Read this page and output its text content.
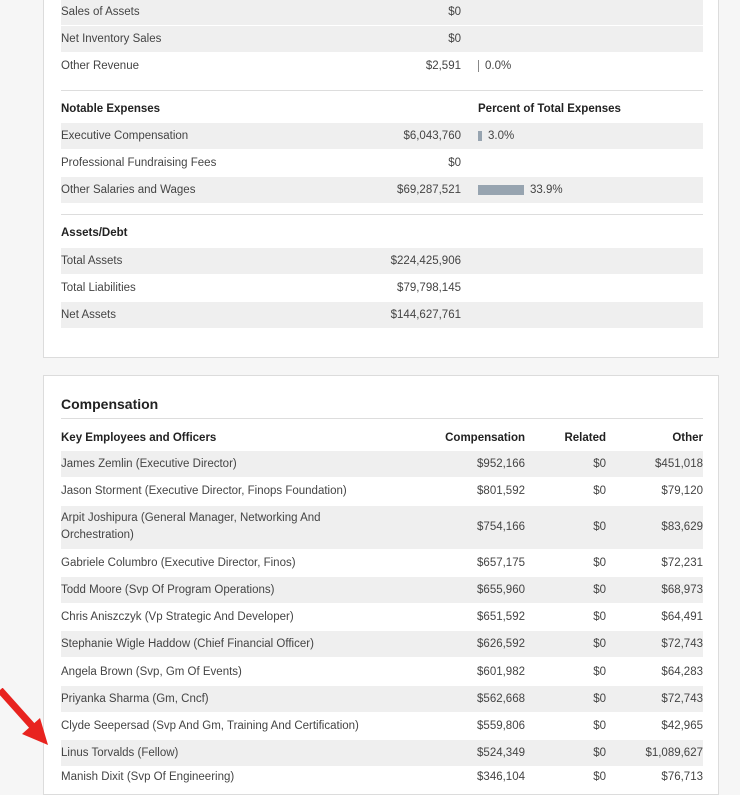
Sales of Assets	$0
Net Inventory Sales	$0
Other Revenue	$2,591 0.0%
Notable Expenses	Percent of Total Expenses
Executive Compensation	$6,043,760 3.0%
Professional Fundraising Fees	$0
Other Salaries and Wages	$69,287,521	33.9%
Assets/Debt
Total Assets	$224,425,906
Total Liabilities	$79,798,145
Net Assets	$144,627,761
Compensation
Key Employees and Officers	Compensation	Related	Other
James Zemlin (Executive Director)	$952,166	$0	$451,018
Jason Storment (Executive Director, Finops Foundation)	$801,592	$0	$79,120
Arpit Joshipura (General Manager, Networking And Orchestration)
$754,166	$0	$83,629
Gabriele Columbro (Executive Director, Finos)	$657,175	$0	$72,231
Todd Moore (Svp Of Program Operations)	$655,960	$0	$68,973
Chris Aniszczyk (Vp Strategic And Developer)	$651,592	$0	$64,491
Stephanie Wigle Haddow (Chief Financial Officer)	$626,592	$0	$72,743
Angela Brown (Svp, Gm Of Events)	$601,982	$0	$64,283
Priyanka Sharma (Gm, Cncf)	$562,668	$0	$72,743
Clyde Seepersad (Svp And Gm, Training And Certification)	$559,806	$0	$42,965
Linus Torvalds (Fellow)	$524,349	$0	$1,089,627
Manish Dixit (Svp Of Engineering)	$346,104	$0	$76,713
